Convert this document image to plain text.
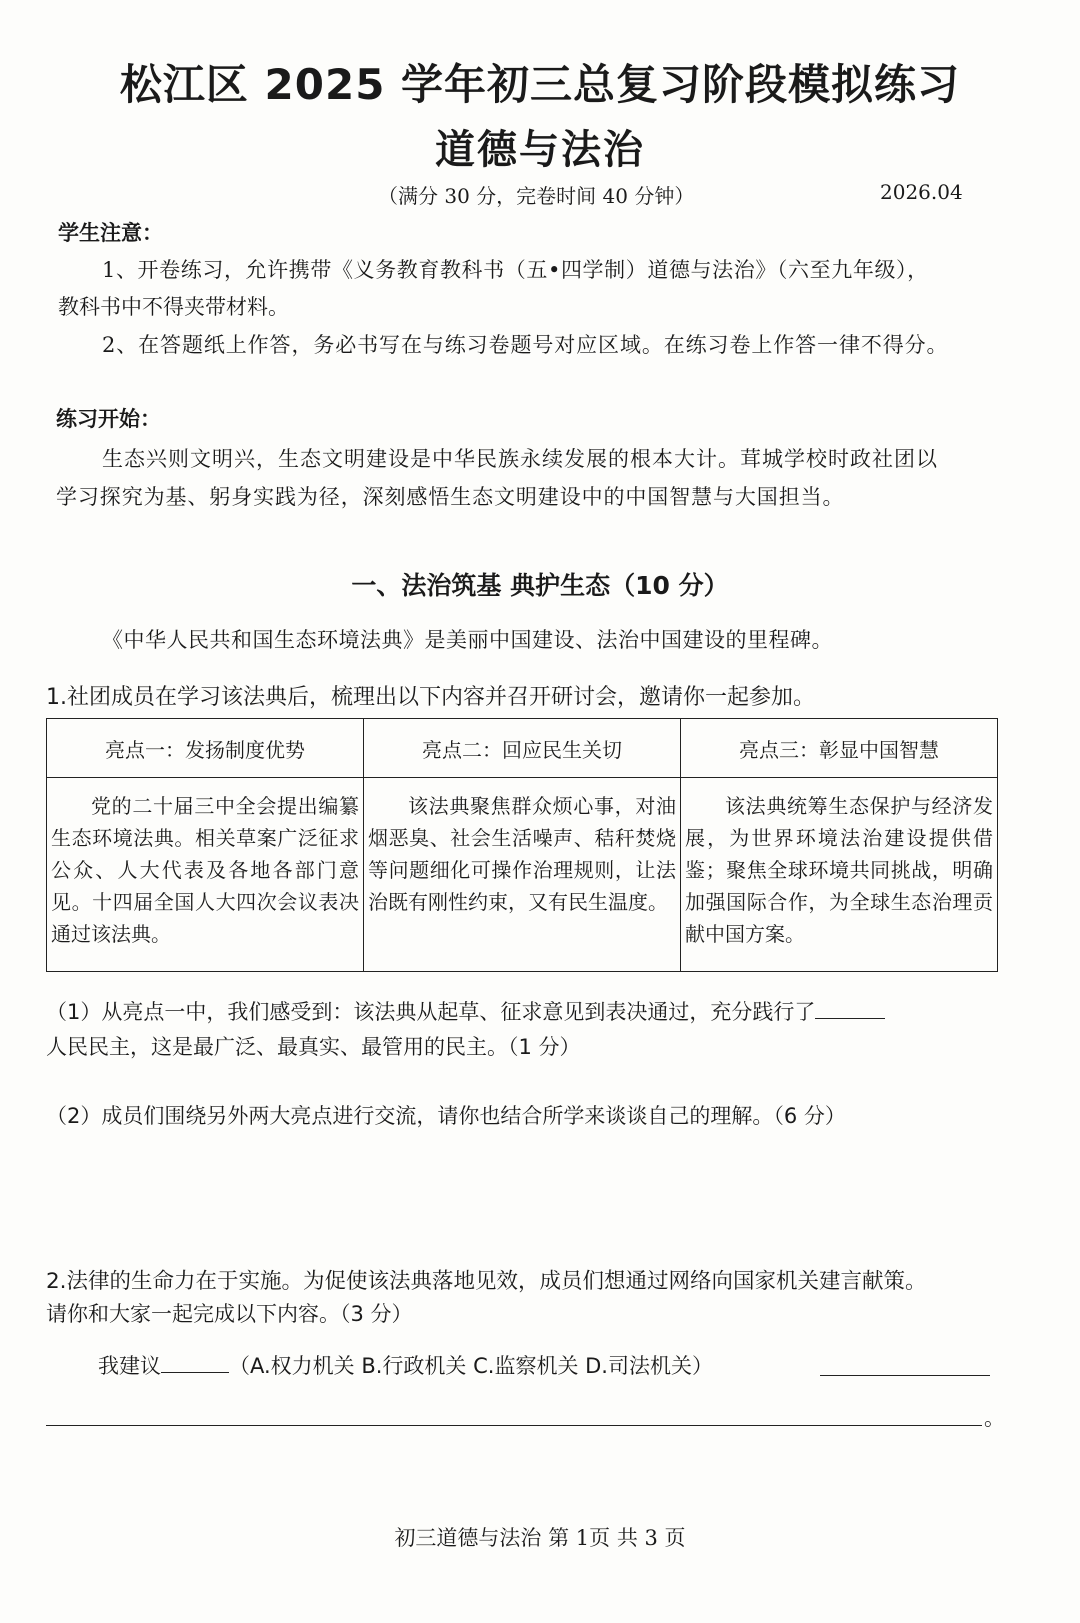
松江区 2025 学年初三总复习阶段模拟练习
道德与法治
（满分 30 分，完卷时间 40 分钟）	2026.04
学生注意：
1、开卷练习，允许携带《义务教育教科书（五•四学制）道德与法治》（六至九年级），
教科书中不得夹带材料。
2、在答题纸上作答，务必书写在与练习卷题号对应区域。在练习卷上作答一律不得分。
练习开始：
生态兴则文明兴，生态文明建设是中华民族永续发展的根本大计。茸城学校时政社团以
学习探究为基、躬身实践为径，深刻感悟生态文明建设中的中国智慧与大国担当。
一、法治筑基 典护生态（10 分）
《中华人民共和国生态环境法典》是美丽中国建设、法治中国建设的里程碑。
1.社团成员在学习该法典后，梳理出以下内容并召开研讨会，邀请你一起参加。
亮点一：发扬制度优势	亮点二：回应民生关切	亮点三：彰显中国智慧
党的二十届三中全会提出编纂生态环境法典。相关草案广泛征求公众、人大代表及各地各部门意见。十四届全国人大四次会议表决通过该法典。	该法典聚焦群众烦心事，对油烟恶臭、社会生活噪声、秸秆焚烧等问题细化可操作治理规则，让法治既有刚性约束，又有民生温度。	该法典统筹生态保护与经济发展，为世界环境法治建设提供借鉴；聚焦全球环境共同挑战，明确加强国际合作，为全球生态治理贡献中国方案。
（1）从亮点一中，我们感受到：该法典从起草、征求意见到表决通过，充分践行了
人民民主，这是最广泛、最真实、最管用的民主。（1 分）
（2）成员们围绕另外两大亮点进行交流，请你也结合所学来谈谈自己的理解。（6 分）
2.法律的生命力在于实施。为促使该法典落地见效，成员们想通过网络向国家机关建言献策。
请你和大家一起完成以下内容。（3 分）
我建议	（A.权力机关 B.行政机关 C.监察机关 D.司法机关）
。
初三道德与法治 第 1页 共 3 页
